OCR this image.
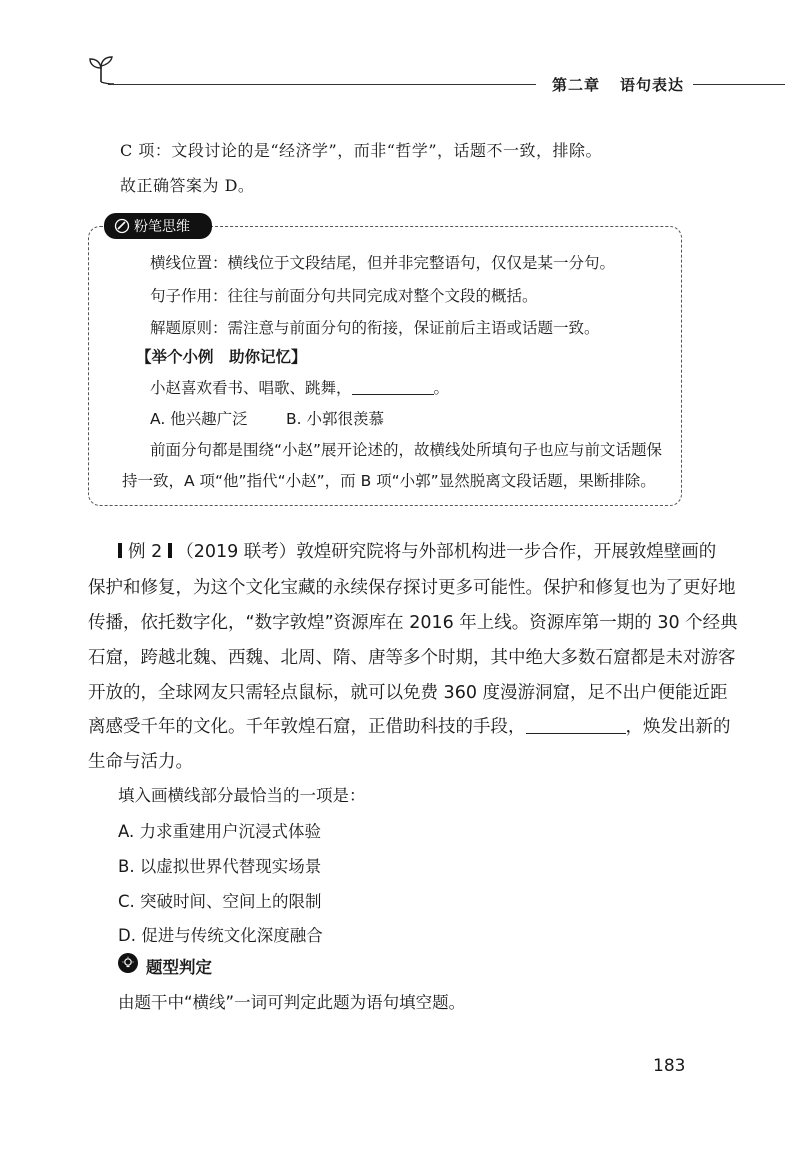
第二章 语句表达
C 项：文段讨论的是“经济学”，而非“哲学”，话题不一致，排除。
故正确答案为 D。
粉笔思维
横线位置：横线位于文段结尾，但并非完整语句，仅仅是某一分句。
句子作用：往往与前面分句共同完成对整个文段的概括。
解题原则：需注意与前面分句的衔接，保证前后主语或话题一致。
【举个小例　助你记忆】
小赵喜欢看书、唱歌、跳舞，	。
A. 他兴趣广泛 B. 小郭很羡慕
前面分句都是围绕“小赵”展开论述的，故横线处所填句子也应与前文话题保
持一致，A 项“他”指代“小赵”，而 B 项“小郭”显然脱离文段话题，果断排除。
例 2 （2019 联考）敦煌研究院将与外部机构进一步合作，开展敦煌壁画的
保护和修复，为这个文化宝藏的永续保存探讨更多可能性。保护和修复也为了更好地
传播，依托数字化，“数字敦煌”资源库在 2016 年上线。资源库第一期的 30 个经典
石窟，跨越北魏、西魏、北周、隋、唐等多个时期，其中绝大多数石窟都是未对游客
开放的，全球网友只需轻点鼠标，就可以免费 360 度漫游洞窟，足不出户便能近距
离感受千年的文化。千年敦煌石窟，正借助科技的手段，	，焕发出新的
生命与活力。
填入画横线部分最恰当的一项是：
A. 力求重建用户沉浸式体验
B. 以虚拟世界代替现实场景
C. 突破时间、空间上的限制
D. 促进与传统文化深度融合
题型判定
由题干中“横线”一词可判定此题为语句填空题。
183
